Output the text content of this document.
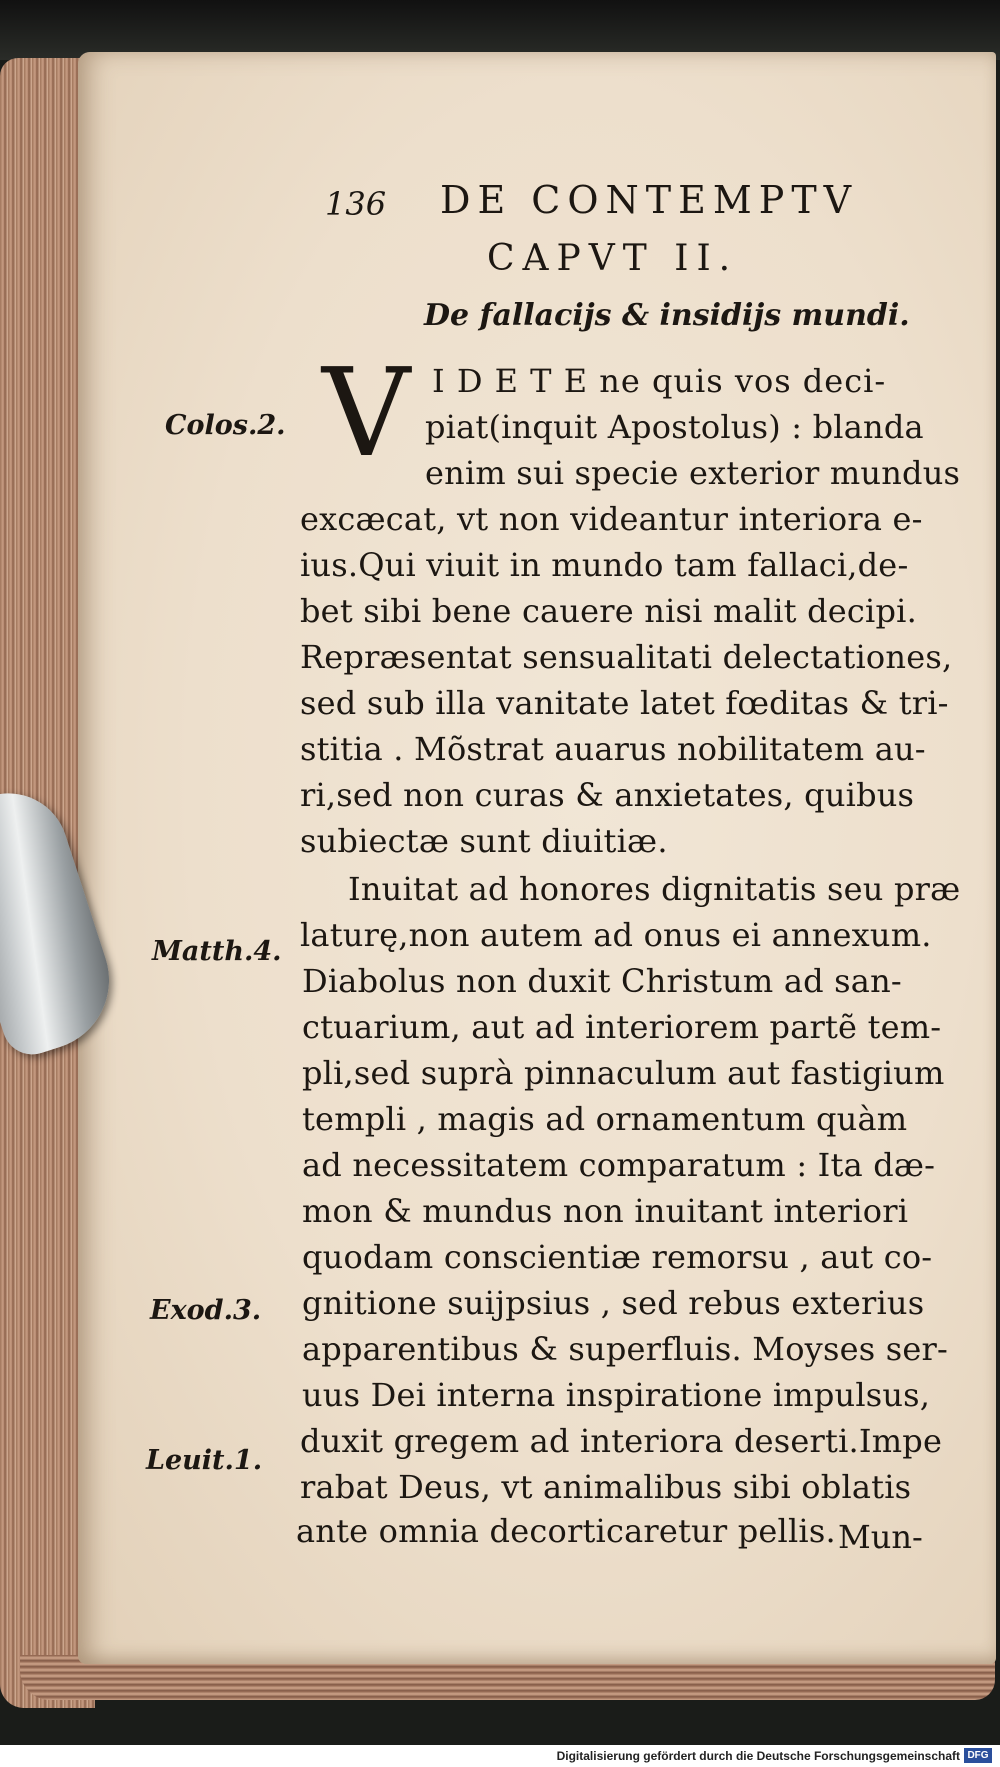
136 DE CONTEMPTV
CAPVT II.
De fallacijs & insidijs mundi.
V I D E T E ne quis vos deci-
piat(inquit Apostolus) : blanda
enim sui specie exterior mundus
excæcat, vt non videantur interiora e-
ius.Qui viuit in mundo tam fallaci,de-
bet sibi bene cauere nisi malit decipi.
Repræsentat sensualitati delectationes,
sed sub illa vanitate latet fœditas & tri-
stitia . Mõstrat auarus nobilitatem au-
ri,sed non curas & anxietates, quibus
subiectæ sunt diuitiæ.
Inuitat ad honores dignitatis seu præ
laturę,non autem ad onus ei annexum.
Diabolus non duxit Christum ad san-
ctuarium, aut ad interiorem partẽ tem-
pli,sed suprà pinnaculum aut fastigium
templi , magis ad ornamentum quàm
ad necessitatem comparatum : Ita dæ-
mon & mundus non inuitant interiori
quodam conscientiæ remorsu , aut co-
gnitione suijpsius , sed rebus exterius
apparentibus & superfluis. Moyses ser-
uus Dei interna inspiratione impulsus,
duxit gregem ad interiora deserti.Impe
rabat Deus, vt animalibus sibi oblatis
ante omnia decorticaretur pellis. Mun-
Colos.2.
Matth.4.
Exod.3.
Leuit.1.
Digitalisierung gefördert durch die Deutsche Forschungsgemeinschaft DFG
